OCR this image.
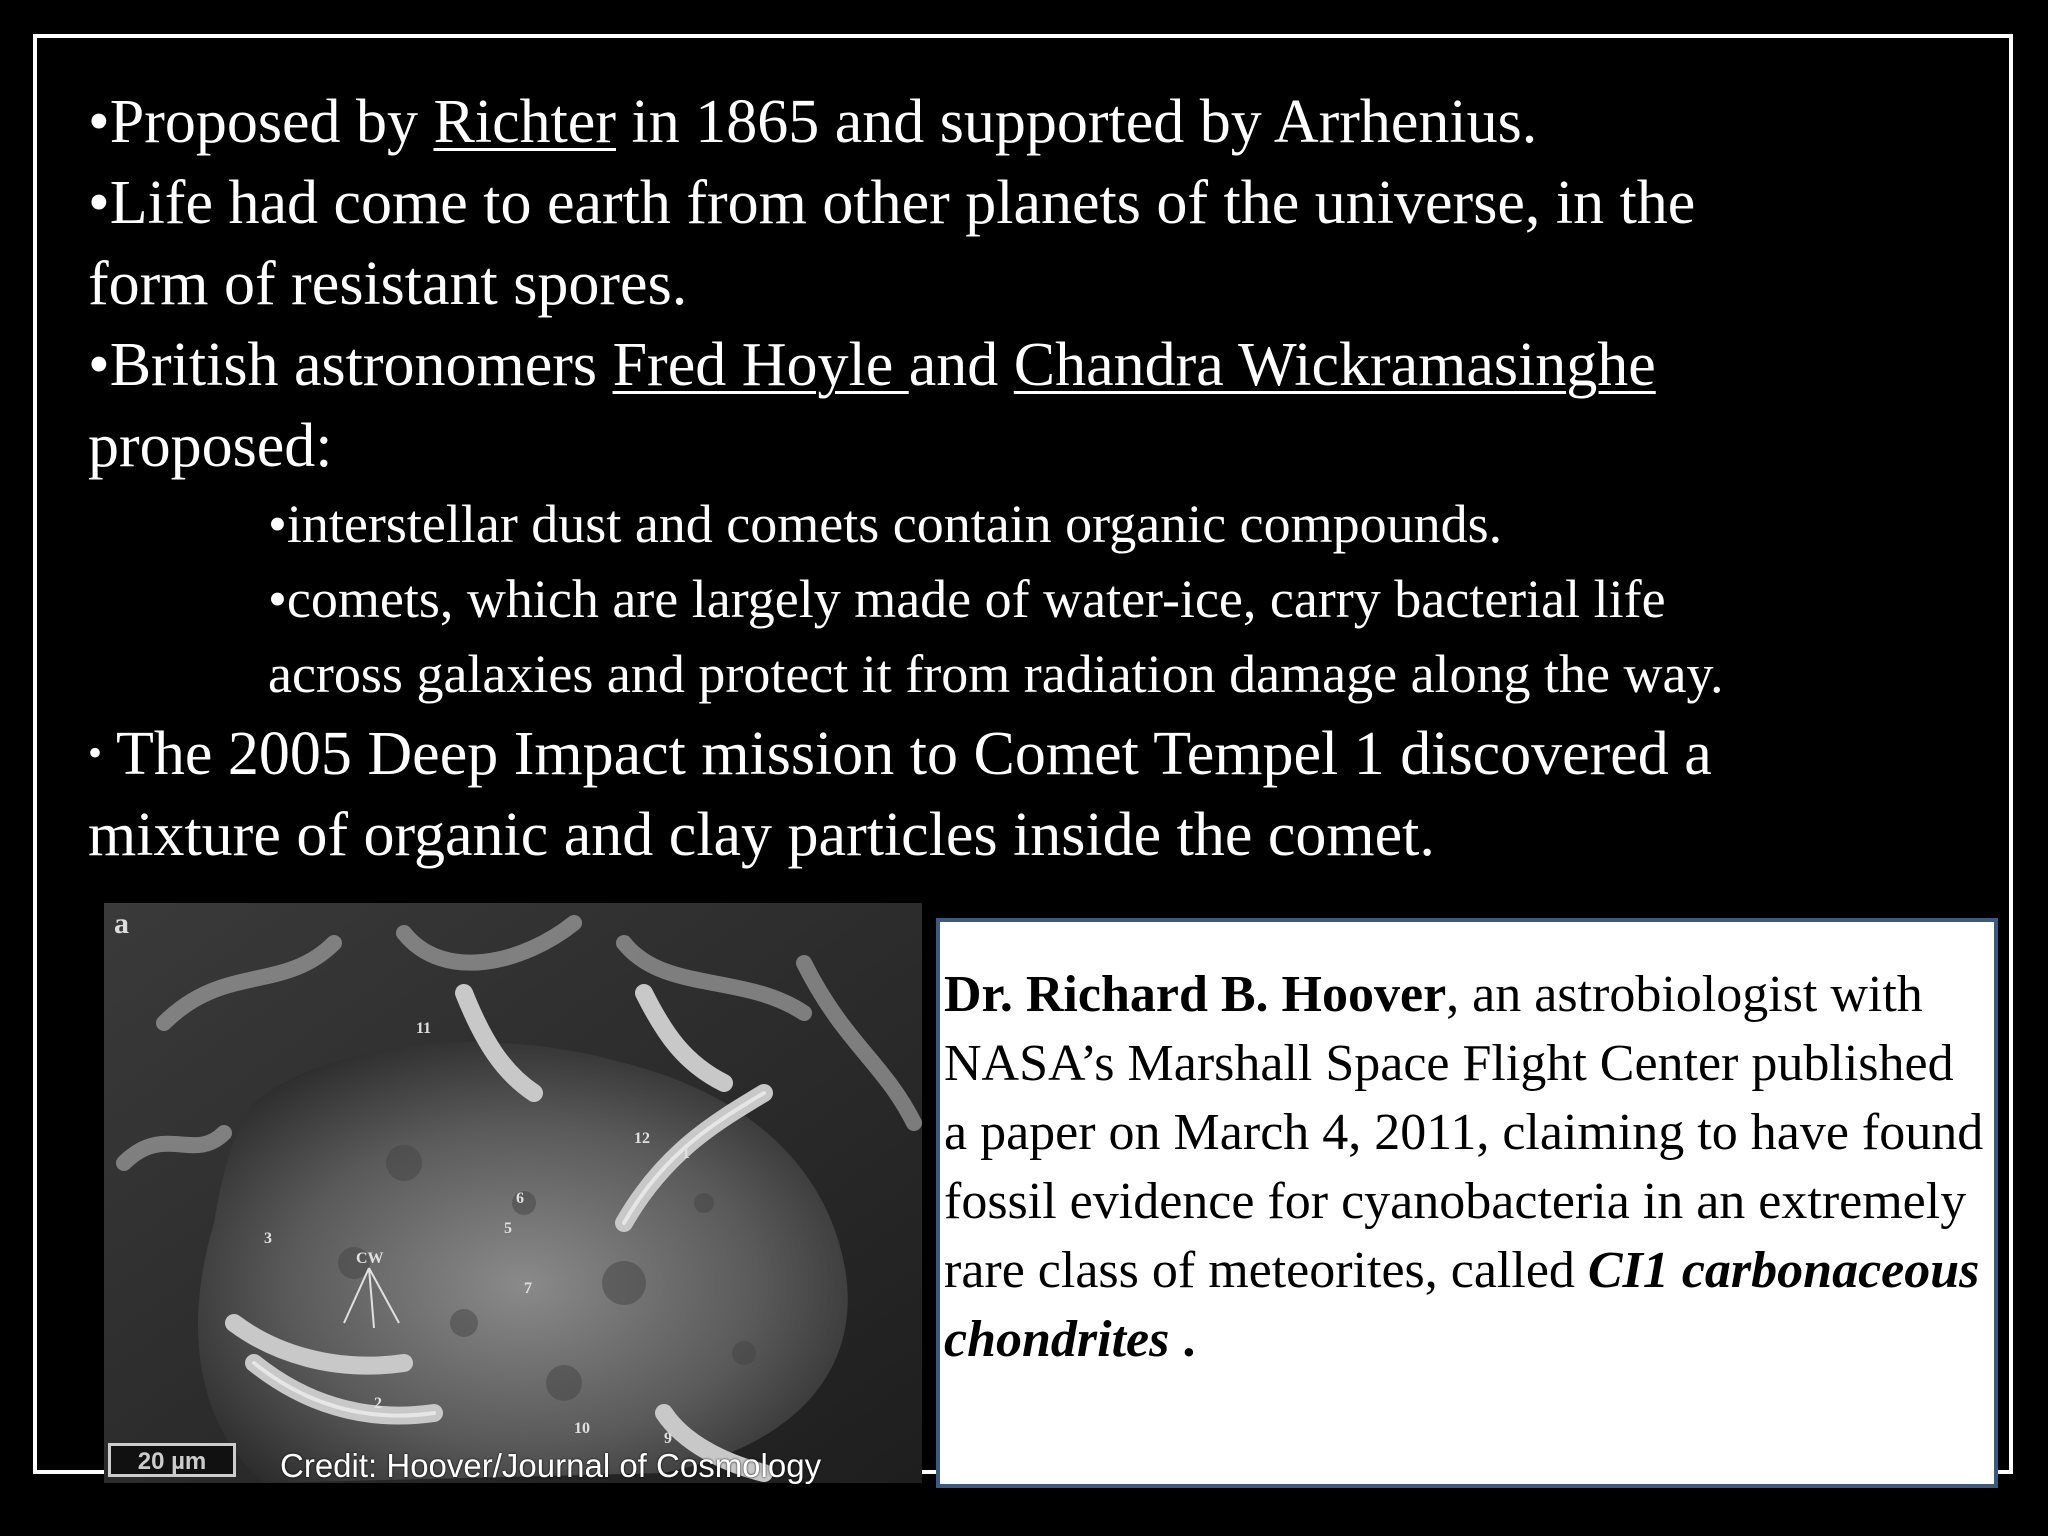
•Proposed by Richter in 1865 and supported by Arrhenius.
•Life had come to earth from other planets of the universe, in the
form of resistant spores.
•British astronomers Fred Hoyle and Chandra Wickramasinghe
proposed:
•interstellar dust and comets contain organic compounds.
•comets, which are largely made of water-ice, carry bacterial life
across galaxies and protect it from radiation damage along the way.
• The 2005 Deep Impact mission to Comet Tempel 1 discovered a
mixture of organic and clay particles inside the comet.
1
2
3
5
6
7
9
10
11
12
CW
a
20 µm	Credit: Hoover/Journal of Cosmology
Dr. Richard B. Hoover, an astrobiologist with NASA’s Marshall Space Flight Center published a paper on March 4, 2011, claiming to have found fossil evidence for cyanobacteria in an extremely rare class of meteorites, called CI1 carbonaceous chondrites .
